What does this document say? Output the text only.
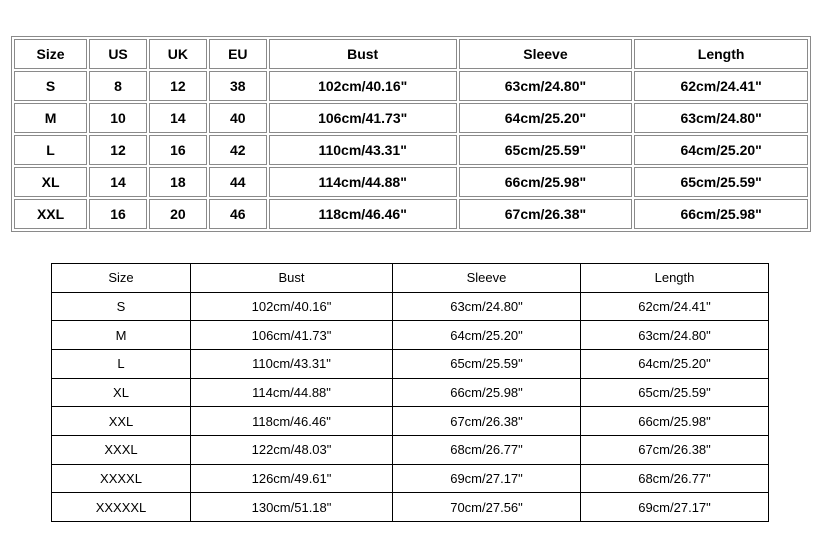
Size	US	UK	EU	Bust	Sleeve	Length
S	8	12	38	102cm/40.16"	63cm/24.80"	62cm/24.41"
M	10	14	40	106cm/41.73"	64cm/25.20"	63cm/24.80"
L	12	16	42	110cm/43.31"	65cm/25.59"	64cm/25.20"
XL	14	18	44	114cm/44.88"	66cm/25.98"	65cm/25.59"
XXL	16	20	46	118cm/46.46"	67cm/26.38"	66cm/25.98"
Size	Bust	Sleeve	Length
S	102cm/40.16"	63cm/24.80"	62cm/24.41"
M	106cm/41.73"	64cm/25.20"	63cm/24.80"
L	110cm/43.31"	65cm/25.59"	64cm/25.20"
XL	114cm/44.88"	66cm/25.98"	65cm/25.59"
XXL	118cm/46.46"	67cm/26.38"	66cm/25.98"
XXXL	122cm/48.03"	68cm/26.77"	67cm/26.38"
XXXXL	126cm/49.61"	69cm/27.17"	68cm/26.77"
XXXXXL	130cm/51.18"	70cm/27.56"	69cm/27.17"
